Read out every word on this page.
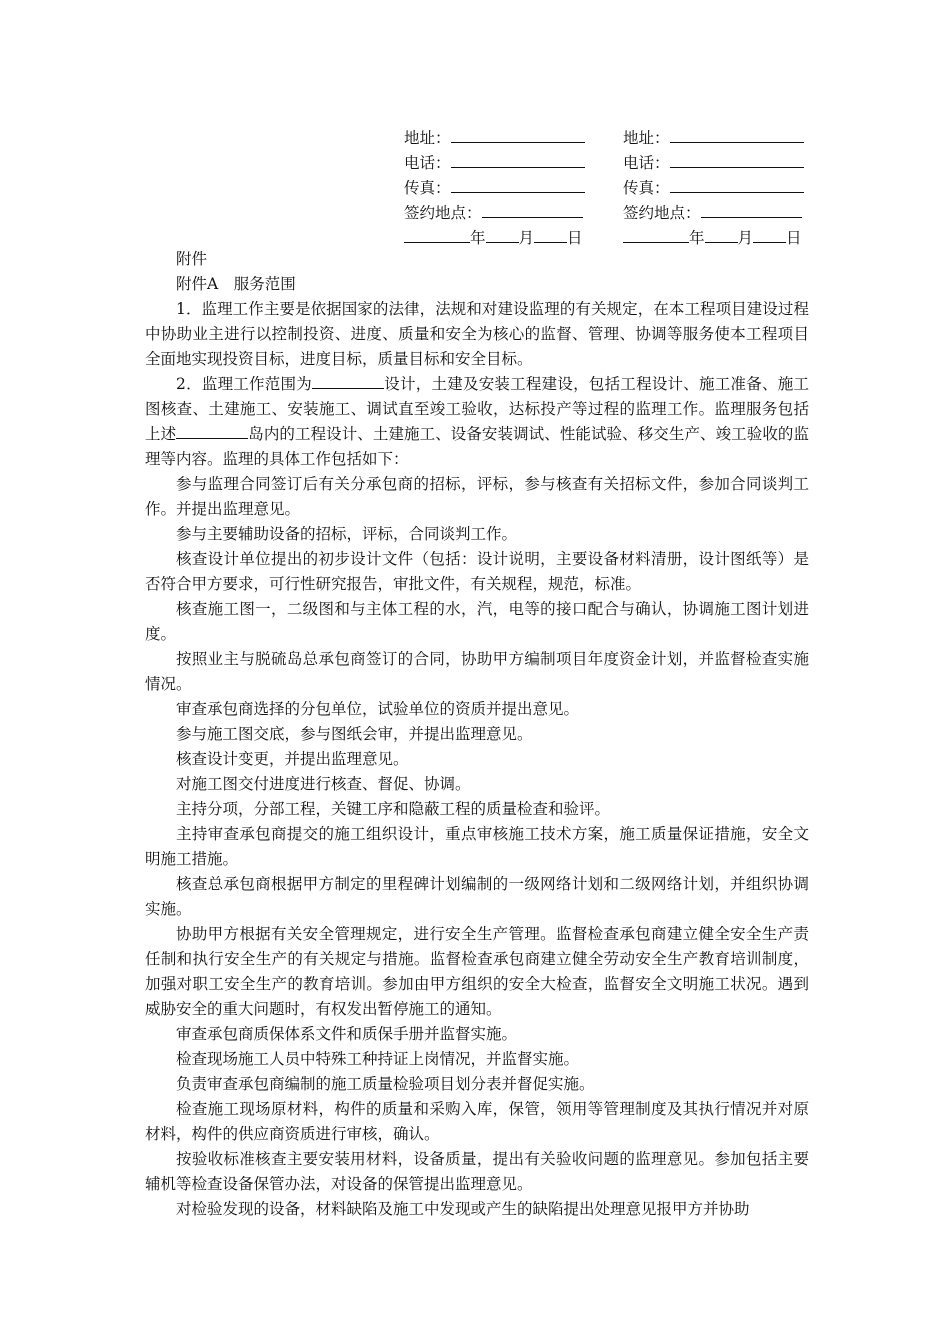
地址：
电话：
传真：
签约地点：
年 月 日
地址：
电话：
传真：
签约地点：
年 月 日

附件

附件A　服务范围

1．监理工作主要是依据国家的法律，法规和对建设监理的有关规定，在本工程项目建设过程中协助业主进行以控制投资、进度、质量和安全为核心的监督、管理、协调等服务使本工程项目全面地实现投资目标，进度目标，质量目标和安全目标。

2．监理工作范围为	设计，土建及安装工程建设，包括工程设计、施工准备、施工图核查、土建施工、安装施工、调试直至竣工验收，达标投产等过程的监理工作。监理服务包括上述	岛内的工程设计、土建施工、设备安装调试、性能试验、移交生产、竣工验收的监理等内容。监理的具体工作包括如下：

参与监理合同签订后有关分承包商的招标，评标，参与核查有关招标文件，参加合同谈判工作。并提出监理意见。

参与主要辅助设备的招标，评标，合同谈判工作。

核查设计单位提出的初步设计文件（包括：设计说明，主要设备材料清册，设计图纸等）是否符合甲方要求，可行性研究报告，审批文件，有关规程，规范，标准。

核查施工图一，二级图和与主体工程的水，汽，电等的接口配合与确认，协调施工图计划进度。

按照业主与脱硫岛总承包商签订的合同，协助甲方编制项目年度资金计划，并监督检查实施情况。

审查承包商选择的分包单位，试验单位的资质并提出意见。

参与施工图交底，参与图纸会审，并提出监理意见。

核查设计变更，并提出监理意见。

对施工图交付进度进行核查、督促、协调。

主持分项，分部工程，关键工序和隐蔽工程的质量检查和验评。

主持审查承包商提交的施工组织设计，重点审核施工技术方案，施工质量保证措施，安全文明施工措施。

核查总承包商根据甲方制定的里程碑计划编制的一级网络计划和二级网络计划，并组织协调实施。

协助甲方根据有关安全管理规定，进行安全生产管理。监督检查承包商建立健全安全生产责任制和执行安全生产的有关规定与措施。监督检查承包商建立健全劳动安全生产教育培训制度，加强对职工安全生产的教育培训。参加由甲方组织的安全大检查，监督安全文明施工状况。遇到威胁安全的重大问题时，有权发出暂停施工的通知。

审查承包商质保体系文件和质保手册并监督实施。

检查现场施工人员中特殊工种持证上岗情况，并监督实施。

负责审查承包商编制的施工质量检验项目划分表并督促实施。

检查施工现场原材料，构件的质量和采购入库，保管，领用等管理制度及其执行情况并对原材料，构件的供应商资质进行审核，确认。

按验收标准核查主要安装用材料，设备质量，提出有关验收问题的监理意见。参加包括主要辅机等检查设备保管办法，对设备的保管提出监理意见。

对检验发现的设备，材料缺陷及施工中发现或产生的缺陷提出处理意见报甲方并协助
